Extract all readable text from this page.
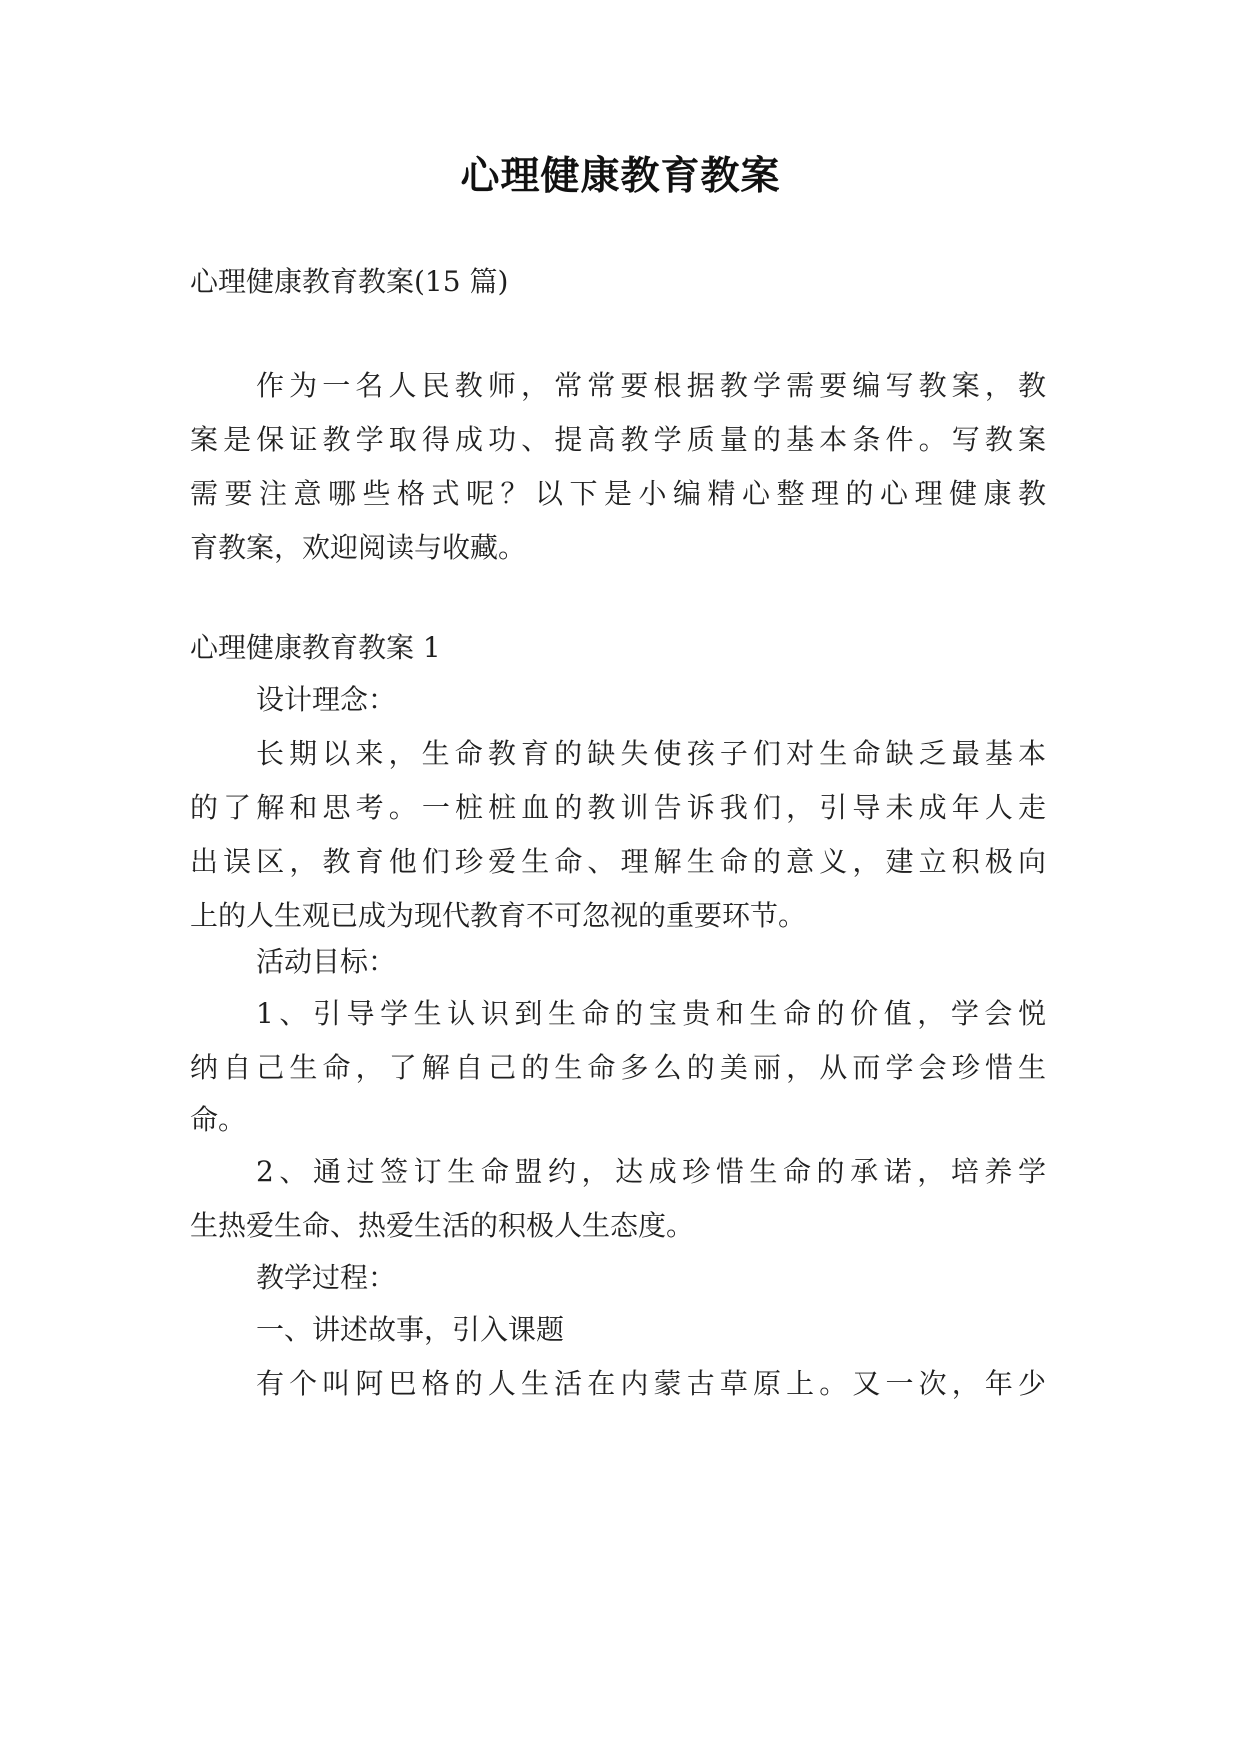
心理健康教育教案
心理健康教育教案(15 篇)
作为一名人民教师，常常要根据教学需要编写教案，教
案是保证教学取得成功、提高教学质量的基本条件。写教案
需要注意哪些格式呢？以下是小编精心整理的心理健康教
育教案，欢迎阅读与收藏。
心理健康教育教案 1
设计理念：
长期以来，生命教育的缺失使孩子们对生命缺乏最基本
的了解和思考。一桩桩血的教训告诉我们，引导未成年人走
出误区，教育他们珍爱生命、理解生命的意义，建立积极向
上的人生观已成为现代教育不可忽视的重要环节。
活动目标：
1、引导学生认识到生命的宝贵和生命的价值，学会悦
纳自己生命，了解自己的生命多么的美丽，从而学会珍惜生
命。
2、通过签订生命盟约，达成珍惜生命的承诺，培养学
生热爱生命、热爱生活的积极人生态度。
教学过程：
一、讲述故事，引入课题
有个叫阿巴格的人生活在内蒙古草原上。又一次，年少
